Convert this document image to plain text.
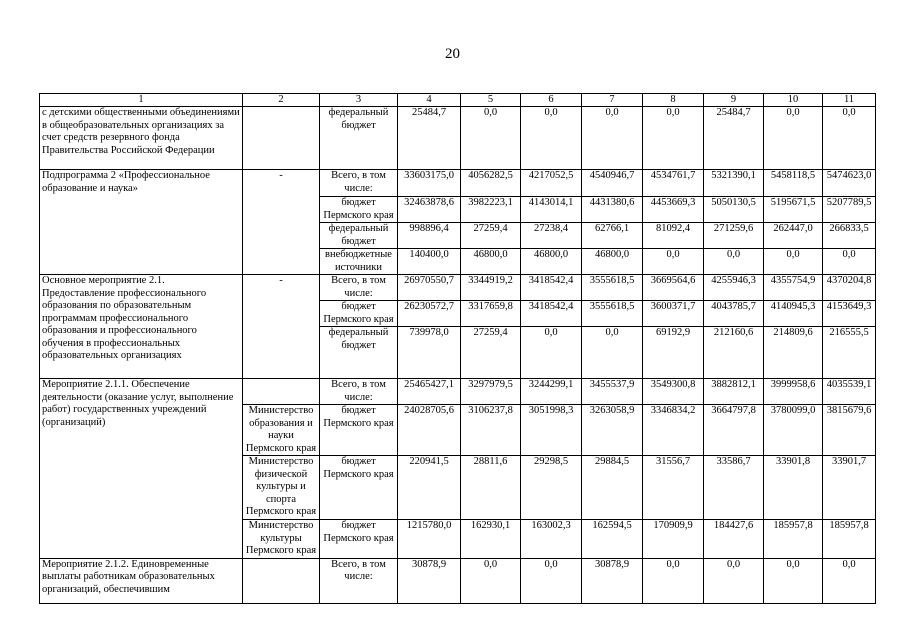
20
1	2	3	4	5	6	7	8	9	10	11
с детскими общественными объединениями в общеобразовательных организациях за счет средств резервного фонда Правительства Российской Федерации		федеральный бюджет	25484,7	0,0	0,0	0,0	0,0	25484,7	0,0	0,0
Подпрограмма 2 «Профессиональное образование и наука»	-	Всего, в том числе:	33603175,0	4056282,5	4217052,5	4540946,7	4534761,7	5321390,1	5458118,5	5474623,0
		бюджет Пермского края	32463878,6	3982223,1	4143014,1	4431380,6	4453669,3	5050130,5	5195671,5	5207789,5
		федеральный бюджет	998896,4	27259,4	27238,4	62766,1	81092,4	271259,6	262447,0	266833,5
		внебюджетные источники	140400,0	46800,0	46800,0	46800,0	0,0	0,0	0,0	0,0
Основное мероприятие 2.1. Предоставление профессионального образования по образовательным программам профессионального образования и профессионального обучения в профессиональных образовательных организациях	-	Всего, в том числе:	26970550,7	3344919,2	3418542,4	3555618,5	3669564,6	4255946,3	4355754,9	4370204,8
		бюджет Пермского края	26230572,7	3317659,8	3418542,4	3555618,5	3600371,7	4043785,7	4140945,3	4153649,3
		федеральный бюджет	739978,0	27259,4	0,0	0,0	69192,9	212160,6	214809,6	216555,5
Мероприятие 2.1.1. Обеспечение деятельности (оказание услуг, выполнение работ) государственных учреждений (организаций)		Всего, в том числе:	25465427,1	3297979,5	3244299,1	3455537,9	3549300,8	3882812,1	3999958,6	4035539,1
	Министерство образования и науки Пермского края	бюджет Пермского края	24028705,6	3106237,8	3051998,3	3263058,9	3346834,2	3664797,8	3780099,0	3815679,6
	Министерство физической культуры и спорта Пермского края	бюджет Пермского края	220941,5	28811,6	29298,5	29884,5	31556,7	33586,7	33901,8	33901,7
	Министерство культуры Пермского края	бюджет Пермского края	1215780,0	162930,1	163002,3	162594,5	170909,9	184427,6	185957,8	185957,8
Мероприятие 2.1.2. Единовременные выплаты работникам образовательных организаций, обеспечившим		Всего, в том числе:	30878,9	0,0	0,0	30878,9	0,0	0,0	0,0	0,0
